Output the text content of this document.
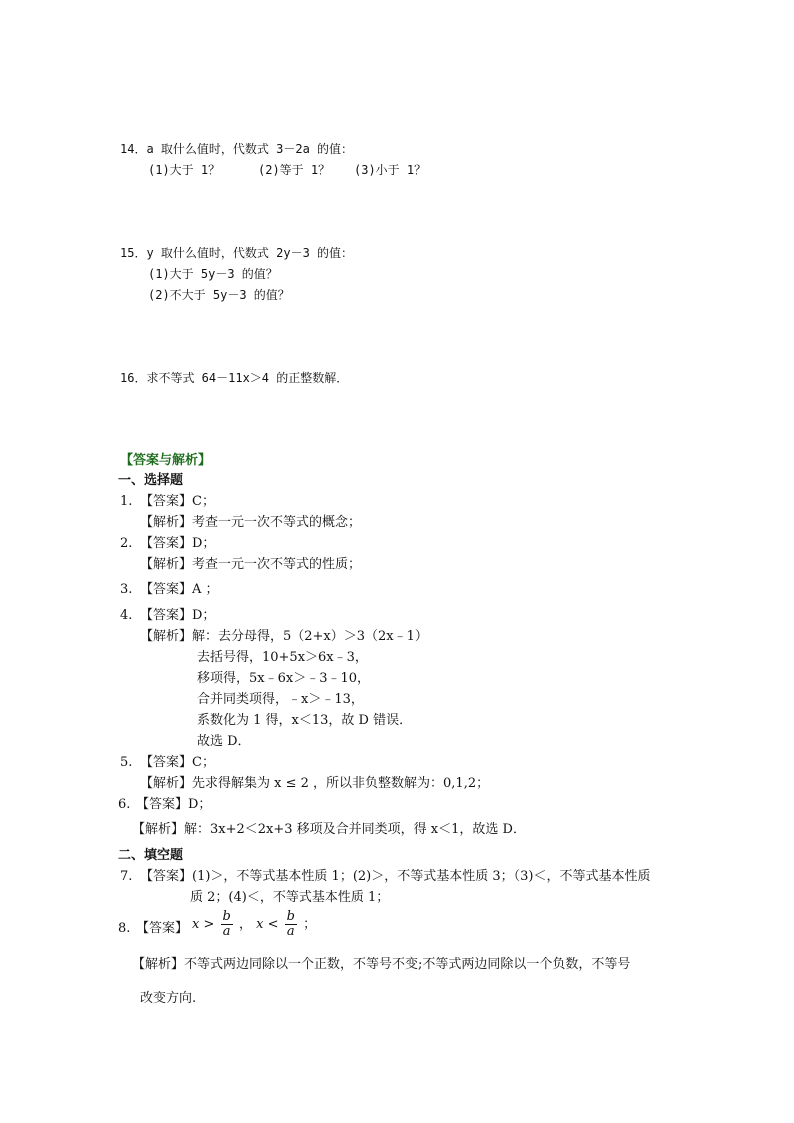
14．a 取什么值时，代数式 3－2a 的值：
(1)大于 1？	(2)等于 1？ (3)小于 1？
15．y 取什么值时，代数式 2y－3 的值：
(1)大于 5y－3 的值？
(2)不大于 5y－3 的值？
16．求不等式 64－11x＞4 的正整数解．
【答案与解析】
一、选择题
1. 【答案】C；
【解析】考查一元一次不等式的概念；
2. 【答案】D；
【解析】考查一元一次不等式的性质；
3. 【答案】A ；
4. 【答案】D；
【解析】解：去分母得，5（2+x）＞3（2x﹣1）
去括号得，10+5x＞6x﹣3，
移项得，5x﹣6x＞﹣3﹣10，
合并同类项得，﹣x＞﹣13，
系数化为 1 得，x＜13，故 D 错误．
故选 D．
5. 【答案】C；
【解析】先求得解集为 x ≤ 2 ，所以非负整数解为：0,1,2；
6. 【答案】D；
【解析】解：3x+2＜2x+3 移项及合并同类项，得 x＜1，故选 D．
二、填空题
7. 【答案】(1)＞，不等式基本性质 1；(2)＞，不等式基本性质 3；（3)＜，不等式基本性质
质 2；(4)＜，不等式基本性质 1；
8. 【答案】 $x > \frac{b}{a}$ ， $x < \frac{b}{a}$ ；
【解析】不等式两边同除以一个正数，不等号不变;不等式两边同除以一个负数，不等号
改变方向.
